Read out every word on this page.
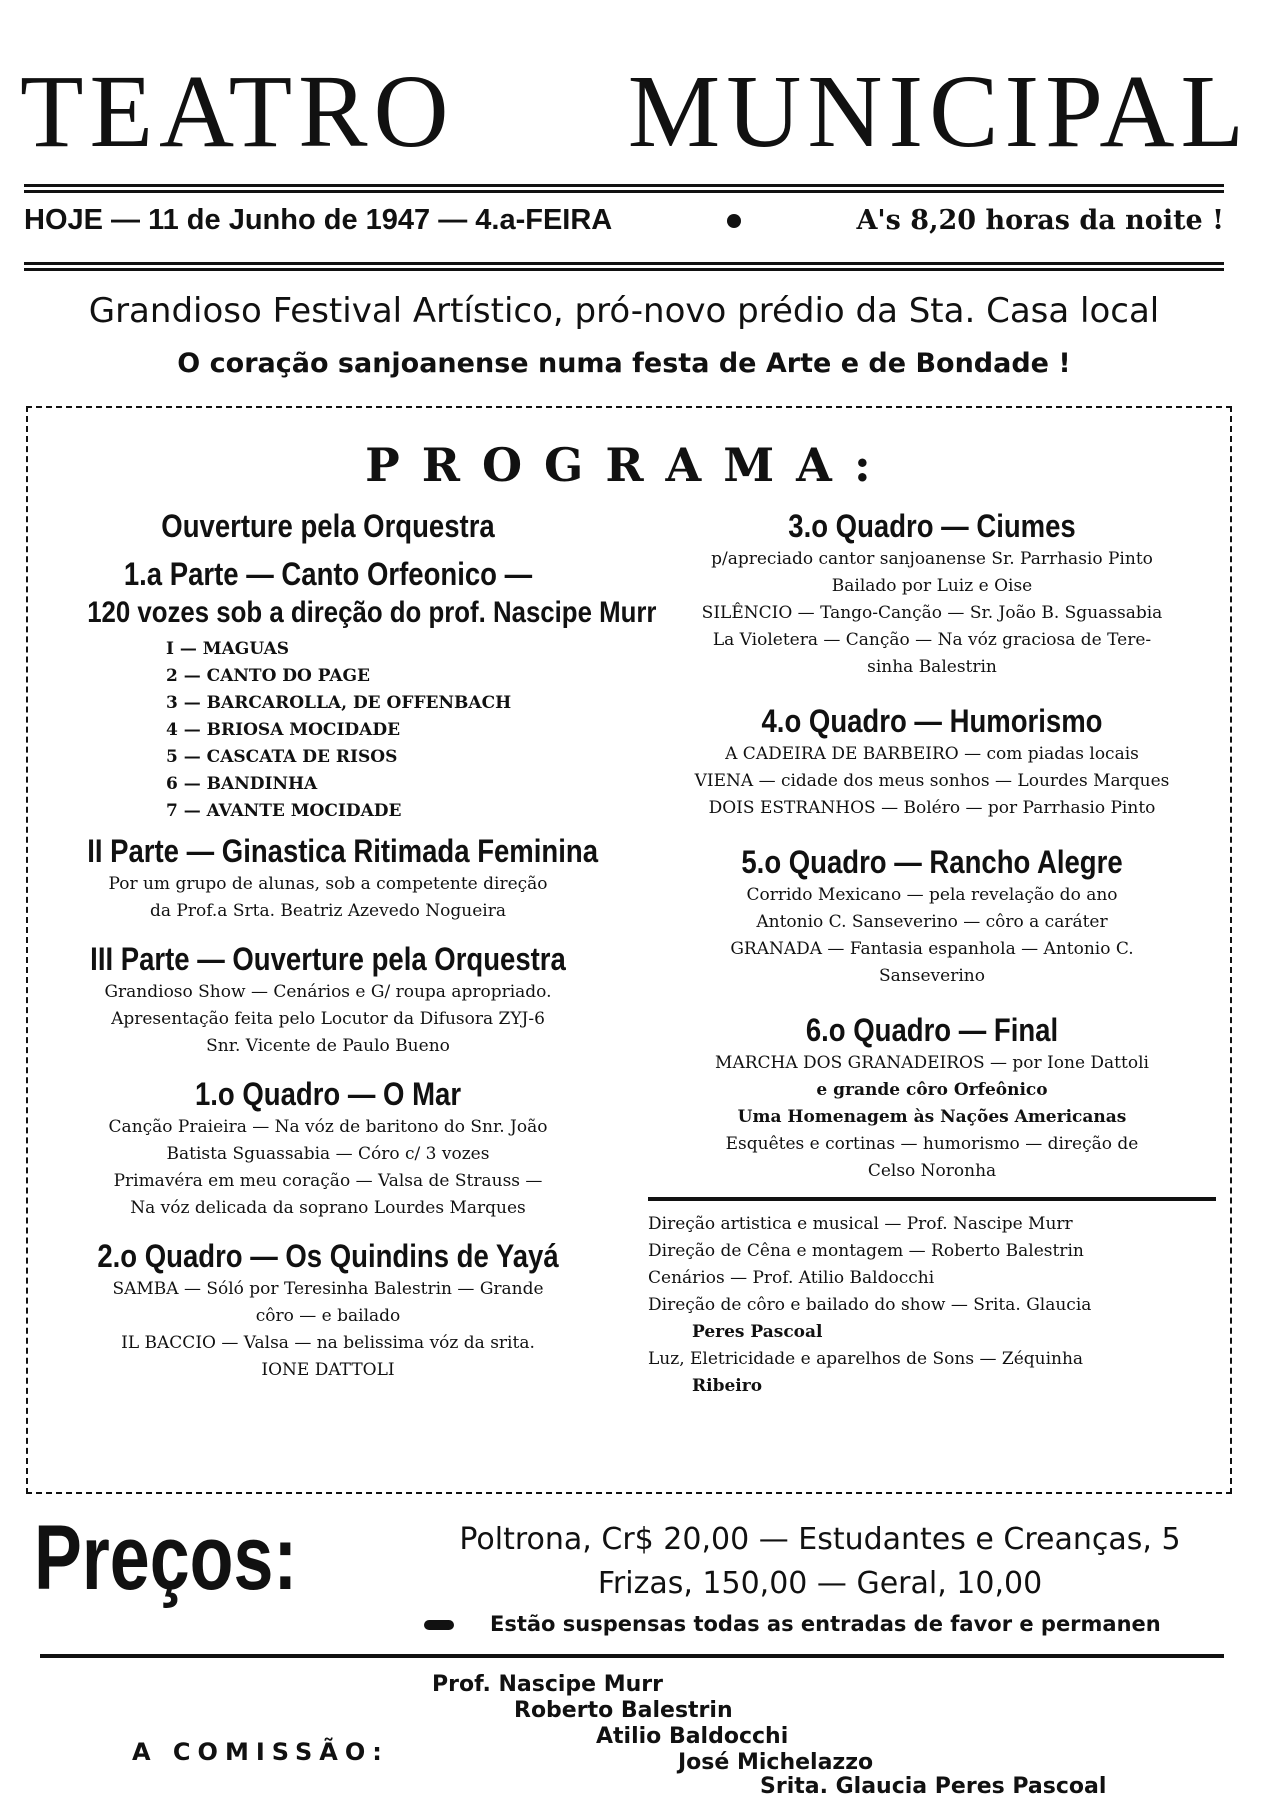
TEATRO MUNICIPAL
HOJE — 11 de Junho de 1947 — 4.a-FEIRA	A's 8,20 horas da noite !
Grandioso Festival Artístico, pró-novo prédio da Sta. Casa local
O coração sanjoanense numa festa de Arte e de Bondade !
PROGRAMA:
Ouverture pela Orquestra
1.a Parte — Canto Orfeonico —
120 vozes sob a direção do prof. Nascipe Murr
I — MAGUAS
2 — CANTO DO PAGE
3 — BARCAROLLA, DE OFFENBACH
4 — BRIOSA MOCIDADE
5 — CASCATA DE RISOS
6 — BANDINHA
7 — AVANTE MOCIDADE
II Parte — Ginastica Ritimada Feminina
Por um grupo de alunas, sob a competente direção
da Prof.a Srta. Beatriz Azevedo Nogueira
III Parte — Ouverture pela Orquestra
Grandioso Show — Cenários e G/ roupa apropriado.
Apresentação feita pelo Locutor da Difusora ZYJ-6
Snr. Vicente de Paulo Bueno
1.o Quadro — O Mar
Canção Praieira — Na vóz de baritono do Snr. João
Batista Sguassabia — Córo c/ 3 vozes
Primavéra em meu coração — Valsa de Strauss —
Na vóz delicada da soprano Lourdes Marques
2.o Quadro — Os Quindins de Yayá
SAMBA — Sóló por Teresinha Balestrin — Grande
côro — e bailado
IL BACCIO — Valsa — na belissima vóz da srita.
IONE DATTOLI
3.o Quadro — Ciumes
p/apreciado cantor sanjoanense Sr. Parrhasio Pinto
Bailado por Luiz e Oise
SILÊNCIO — Tango-Canção — Sr. João B. Sguassabia
La Violetera — Canção — Na vóz graciosa de Tere-
sinha Balestrin
4.o Quadro — Humorismo
A CADEIRA DE BARBEIRO — com piadas locais
VIENA — cidade dos meus sonhos — Lourdes Marques
DOIS ESTRANHOS — Boléro — por Parrhasio Pinto
5.o Quadro — Rancho Alegre
Corrido Mexicano — pela revelação do ano
Antonio C. Sanseverino — côro a caráter
GRANADA — Fantasia espanhola — Antonio C.
Sanseverino
6.o Quadro — Final
MARCHA DOS GRANADEIROS — por Ione Dattoli
e grande côro Orfeônico
Uma Homenagem às Nações Americanas
Esquêtes e cortinas — humorismo — direção de
Celso Noronha
Direção artistica e musical — Prof. Nascipe Murr
Direção de Cêna e montagem — Roberto Balestrin
Cenários — Prof. Atilio Baldocchi
Direção de côro e bailado do show — Srita. Glaucia
Peres Pascoal
Luz, Eletricidade e aparelhos de Sons — Zéquinha
Ribeiro
Preços:	Poltrona, Cr$ 20,00 — Estudantes e Creanças, 5
Frizas, 150,00 — Geral, 10,00
Estão suspensas todas as entradas de favor e permanen
A COMISSÃO:
Prof. Nascipe Murr
Roberto Balestrin
Atilio Baldocchi
José Michelazzo
Srita. Glaucia Peres Pascoal
